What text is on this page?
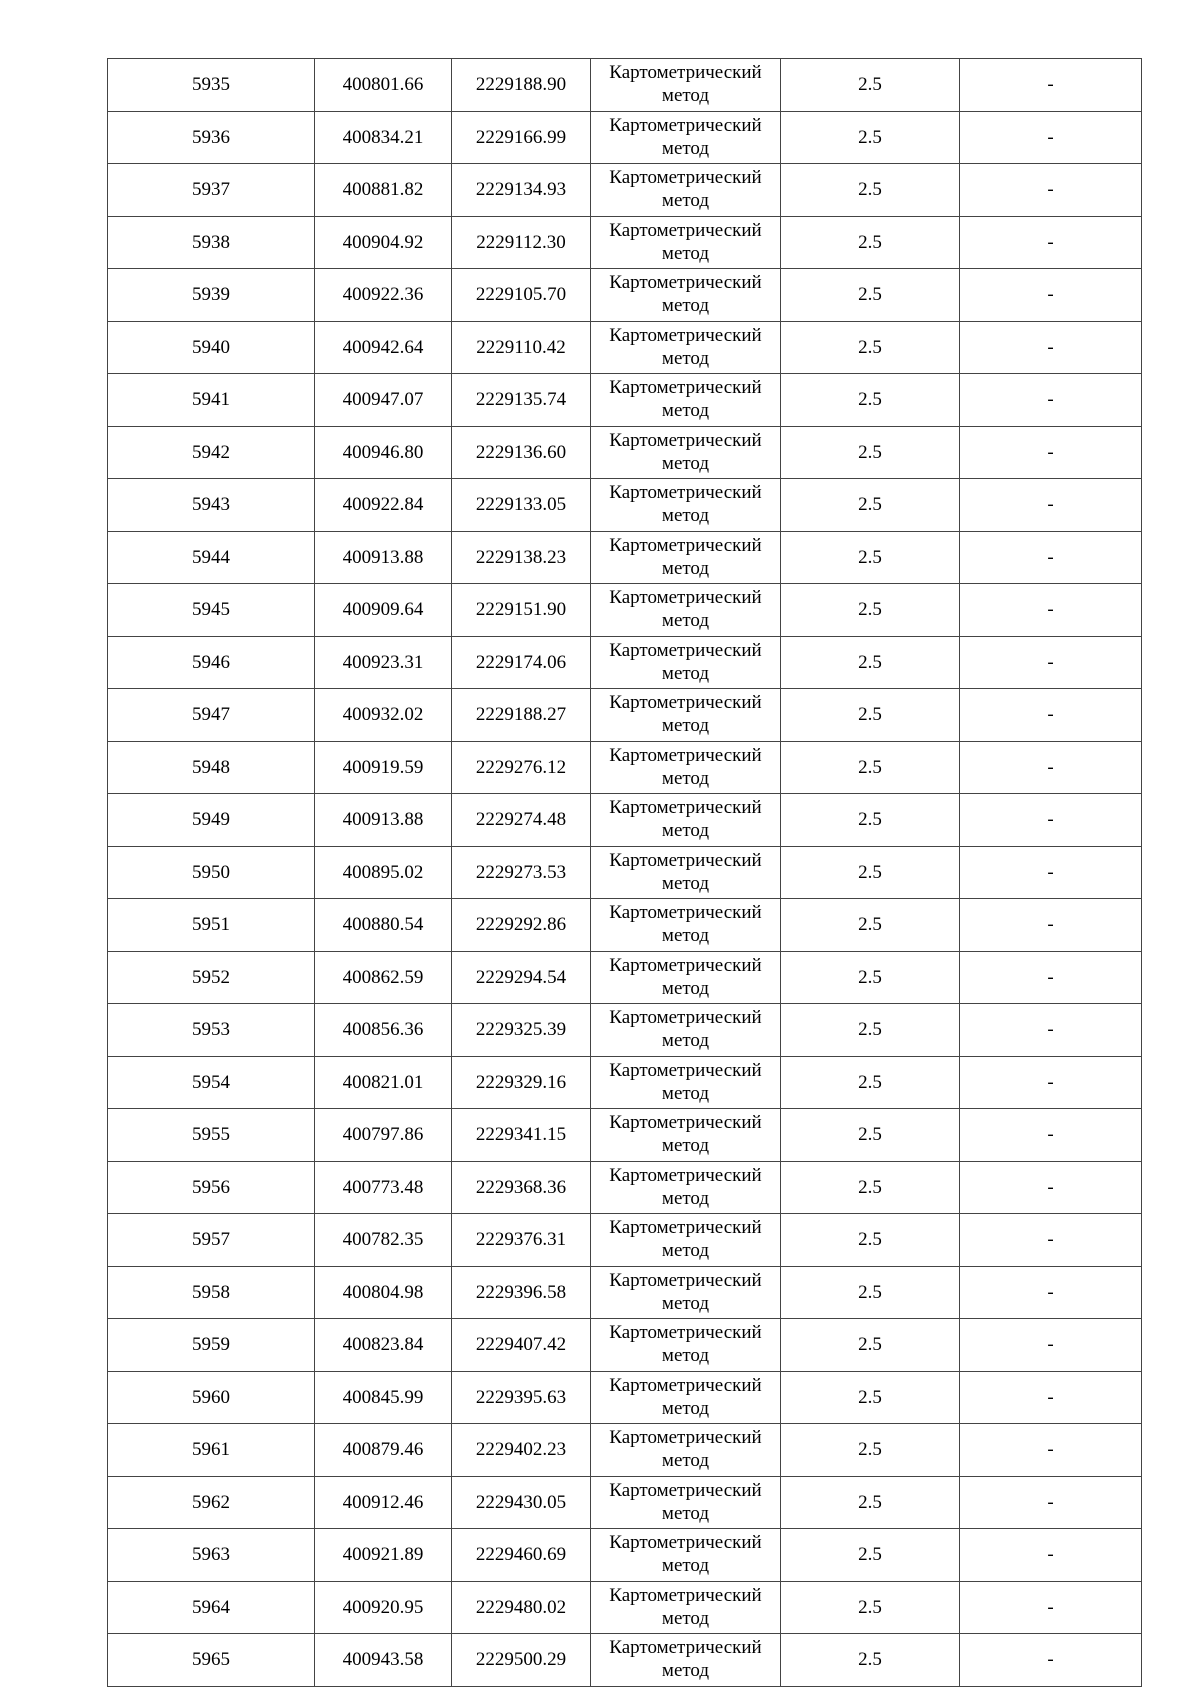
5935	400801.66	2229188.90	Картометрический
метод	2.5	-
5936	400834.21	2229166.99	Картометрический
метод	2.5	-
5937	400881.82	2229134.93	Картометрический
метод	2.5	-
5938	400904.92	2229112.30	Картометрический
метод	2.5	-
5939	400922.36	2229105.70	Картометрический
метод	2.5	-
5940	400942.64	2229110.42	Картометрический
метод	2.5	-
5941	400947.07	2229135.74	Картометрический
метод	2.5	-
5942	400946.80	2229136.60	Картометрический
метод	2.5	-
5943	400922.84	2229133.05	Картометрический
метод	2.5	-
5944	400913.88	2229138.23	Картометрический
метод	2.5	-
5945	400909.64	2229151.90	Картометрический
метод	2.5	-
5946	400923.31	2229174.06	Картометрический
метод	2.5	-
5947	400932.02	2229188.27	Картометрический
метод	2.5	-
5948	400919.59	2229276.12	Картометрический
метод	2.5	-
5949	400913.88	2229274.48	Картометрический
метод	2.5	-
5950	400895.02	2229273.53	Картометрический
метод	2.5	-
5951	400880.54	2229292.86	Картометрический
метод	2.5	-
5952	400862.59	2229294.54	Картометрический
метод	2.5	-
5953	400856.36	2229325.39	Картометрический
метод	2.5	-
5954	400821.01	2229329.16	Картометрический
метод	2.5	-
5955	400797.86	2229341.15	Картометрический
метод	2.5	-
5956	400773.48	2229368.36	Картометрический
метод	2.5	-
5957	400782.35	2229376.31	Картометрический
метод	2.5	-
5958	400804.98	2229396.58	Картометрический
метод	2.5	-
5959	400823.84	2229407.42	Картометрический
метод	2.5	-
5960	400845.99	2229395.63	Картометрический
метод	2.5	-
5961	400879.46	2229402.23	Картометрический
метод	2.5	-
5962	400912.46	2229430.05	Картометрический
метод	2.5	-
5963	400921.89	2229460.69	Картометрический
метод	2.5	-
5964	400920.95	2229480.02	Картометрический
метод	2.5	-
5965	400943.58	2229500.29	Картометрический
метод	2.5	-
